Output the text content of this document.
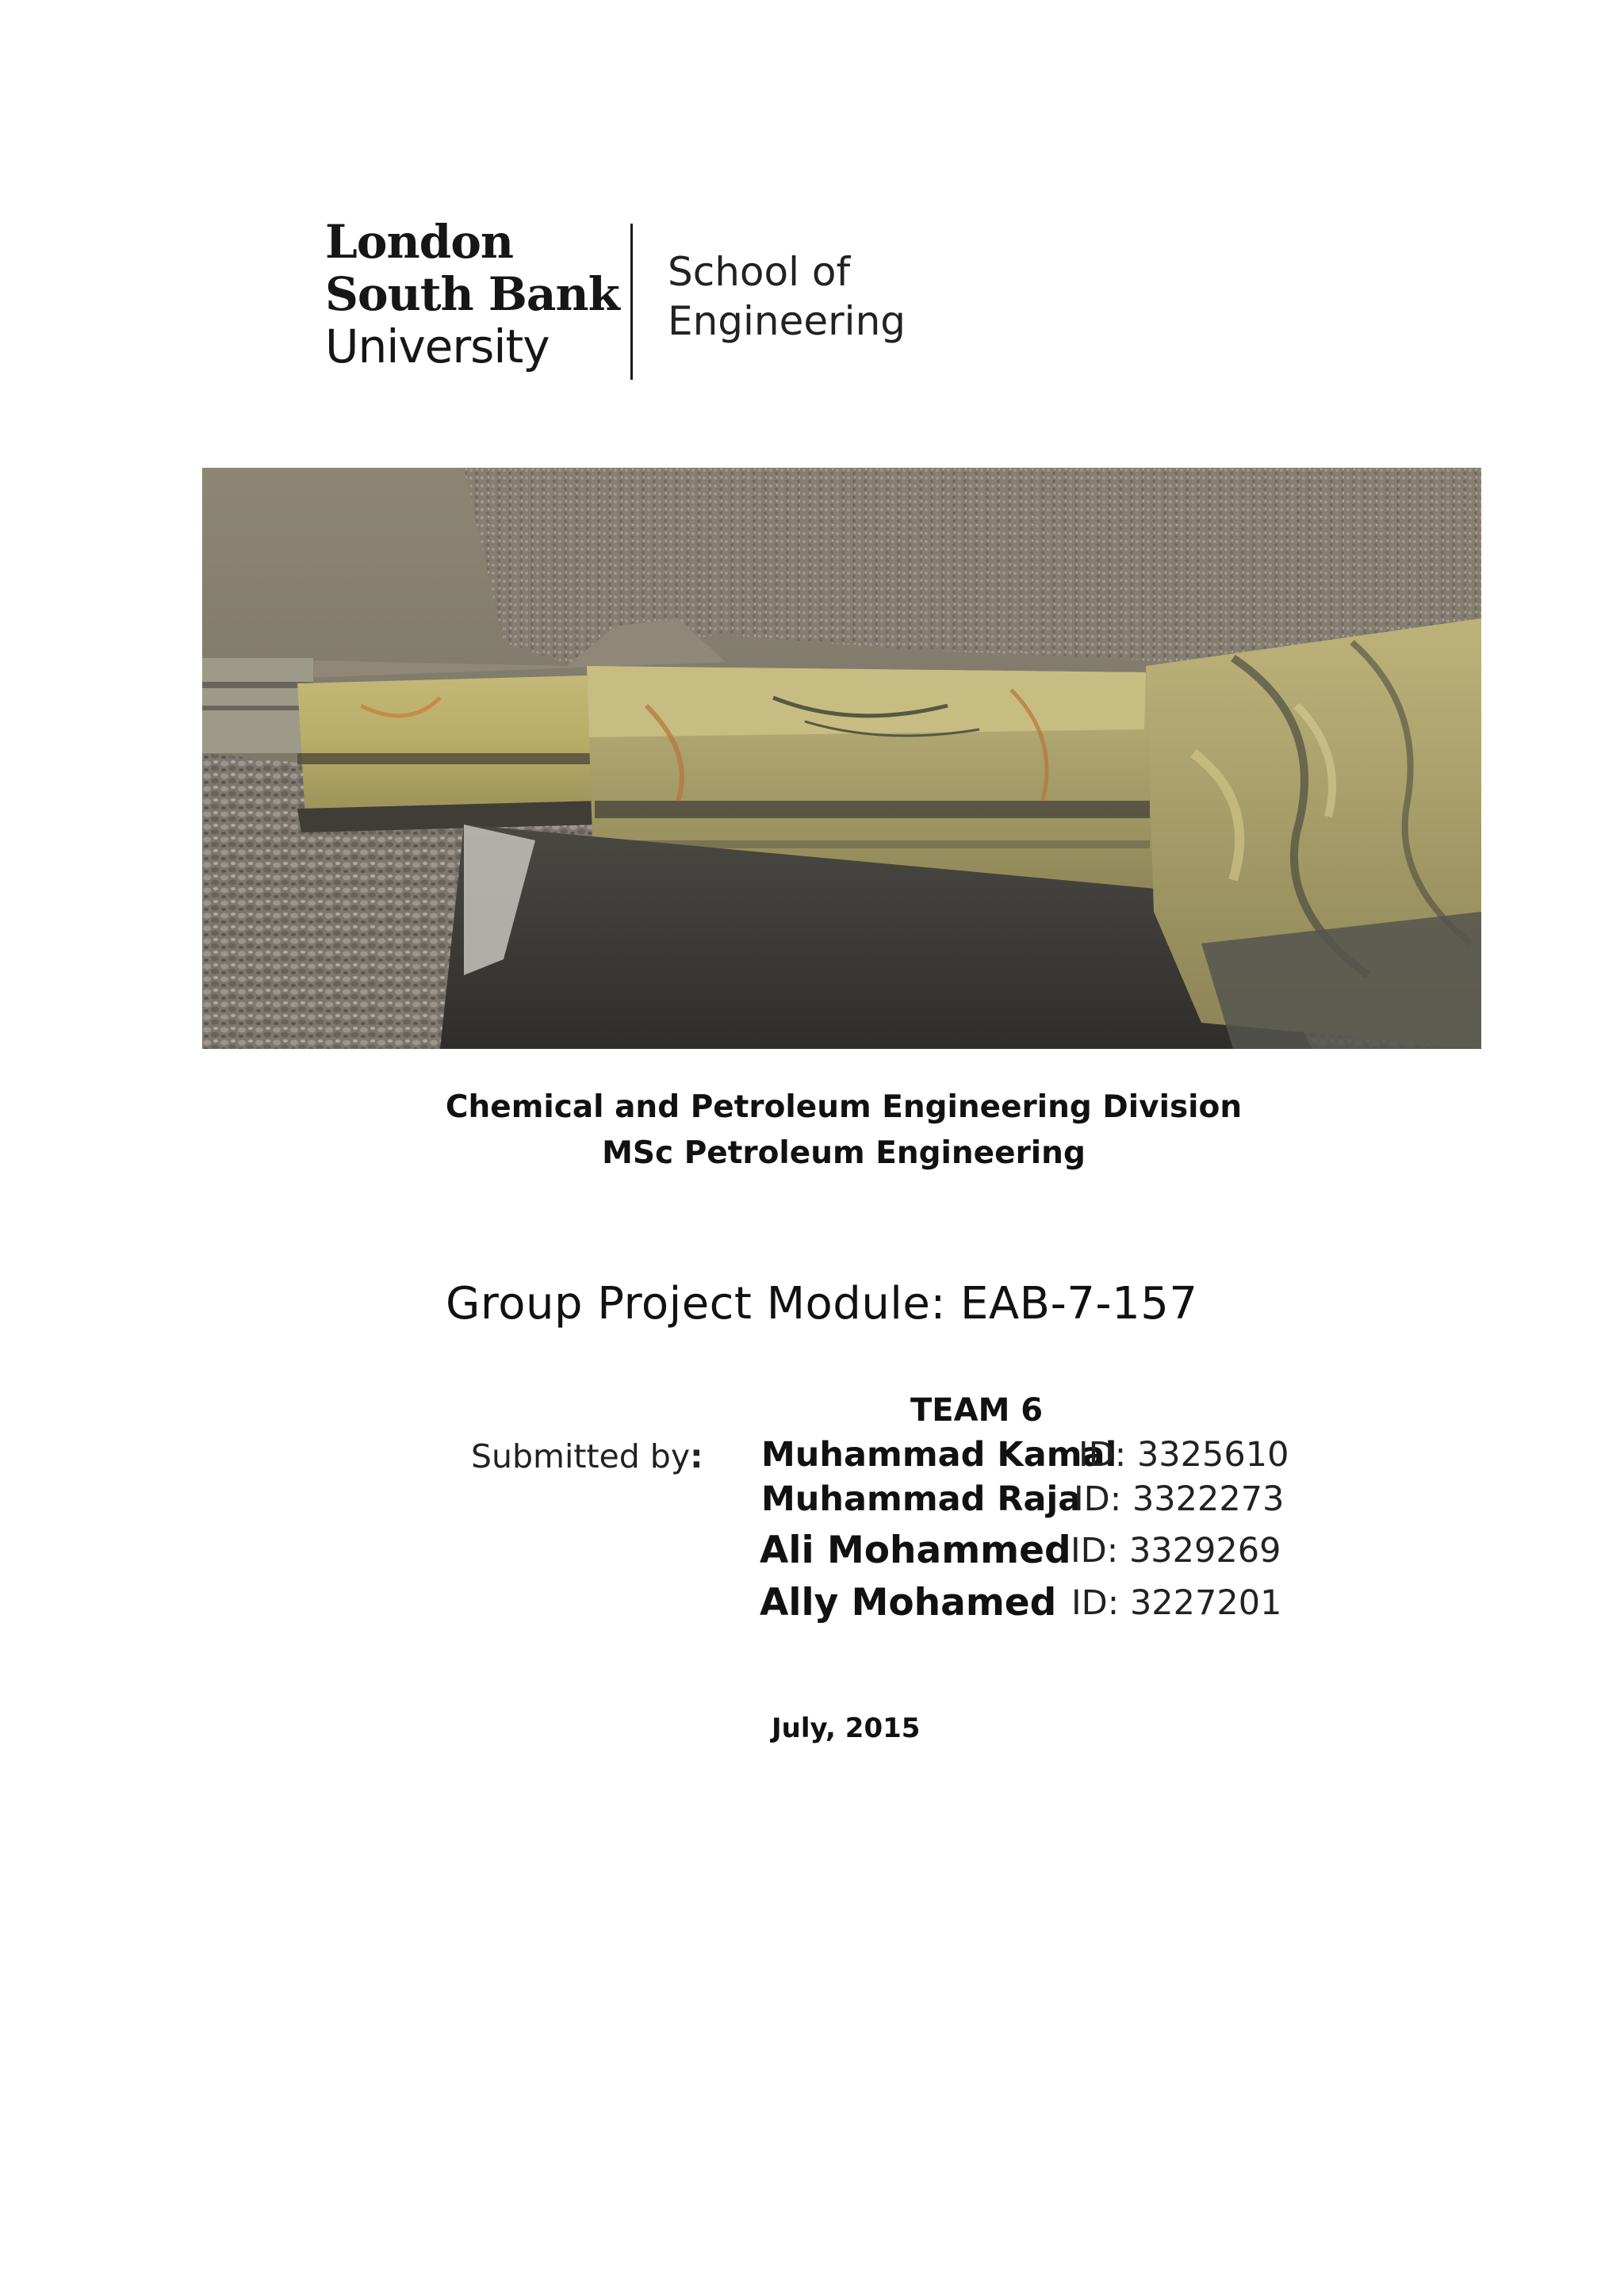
London
South Bank
University
School of
Engineering
Chemical and Petroleum Engineering Division
MSc Petroleum Engineering
Group Project Module: EAB-7-157
TEAM 6
Submitted by: Muhammad Kamal
ID: 3325610
Muhammad Raja
ID: 3322273
Ali Mohammed ID: 3329269
Ally Mohamed ID: 3227201
July, 2015
